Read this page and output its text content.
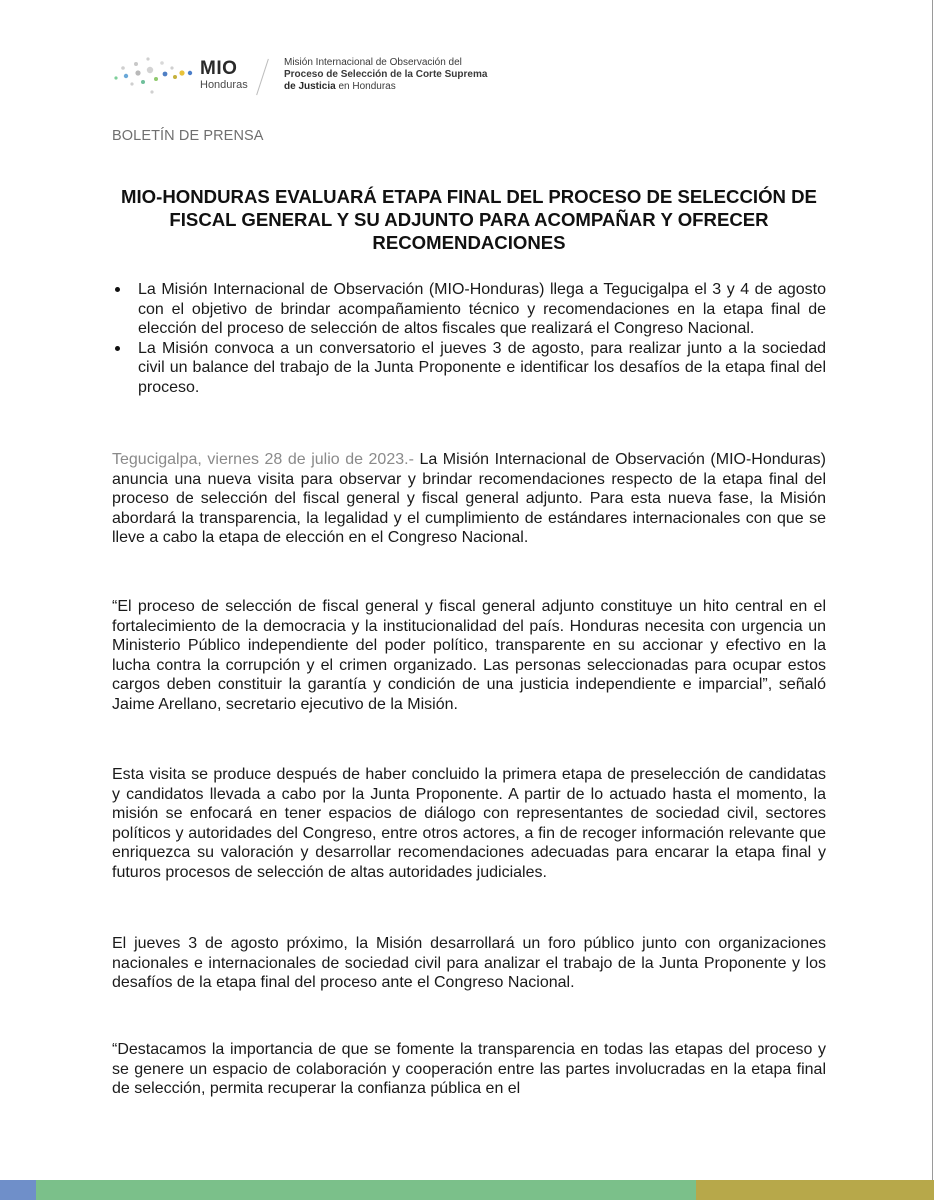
MIO
Honduras
Misión Internacional de Observación del
Proceso de Selección de la Corte Suprema
de Justicia en Honduras
BOLETÍN DE PRENSA
MIO-HONDURAS EVALUARÁ ETAPA FINAL DEL PROCESO DE SELECCIÓN DE FISCAL GENERAL Y SU ADJUNTO PARA ACOMPAÑAR Y OFRECER RECOMENDACIONES
La Misión Internacional de Observación (MIO-Honduras) llega a Tegucigalpa el 3 y 4 de agosto con el objetivo de brindar acompañamiento técnico y recomendaciones en la etapa final de elección del proceso de selección de altos fiscales que realizará el Congreso Nacional.
La Misión convoca a un conversatorio el jueves 3 de agosto, para realizar junto a la sociedad civil un balance del trabajo de la Junta Proponente e identificar los desafíos de la etapa final del proceso.

Tegucigalpa, viernes 28 de julio de 2023.- La Misión Internacional de Observación (MIO-Honduras) anuncia una nueva visita para observar y brindar recomendaciones respecto de la etapa final del proceso de selección del fiscal general y fiscal general adjunto. Para esta nueva fase, la Misión abordará la transparencia, la legalidad y el cumplimiento de estándares internacionales con que se lleve a cabo la etapa de elección en el Congreso Nacional.

“El proceso de selección de fiscal general y fiscal general adjunto constituye un hito central en el fortalecimiento de la democracia y la institucionalidad del país. Honduras necesita con urgencia un Ministerio Público independiente del poder político, transparente en su accionar y efectivo en la lucha contra la corrupción y el crimen organizado. Las personas seleccionadas para ocupar estos cargos deben constituir la garantía y condición de una justicia independiente e imparcial”, señaló Jaime Arellano, secretario ejecutivo de la Misión.

Esta visita se produce después de haber concluido la primera etapa de preselección de candidatas y candidatos llevada a cabo por la Junta Proponente. A partir de lo actuado hasta el momento, la misión se enfocará en tener espacios de diálogo con representantes de sociedad civil, sectores políticos y autoridades del Congreso, entre otros actores, a fin de recoger información relevante que enriquezca su valoración y desarrollar recomendaciones adecuadas para encarar la etapa final y futuros procesos de selección de altas autoridades judiciales.

El jueves 3 de agosto próximo, la Misión desarrollará un foro público junto con organizaciones nacionales e internacionales de sociedad civil para analizar el trabajo de la Junta Proponente y los desafíos de la etapa final del proceso ante el Congreso Nacional.

“Destacamos la importancia de que se fomente la transparencia en todas las etapas del proceso y se genere un espacio de colaboración y cooperación entre las partes involucradas en la etapa final de selección, permita recuperar la confianza pública en el
